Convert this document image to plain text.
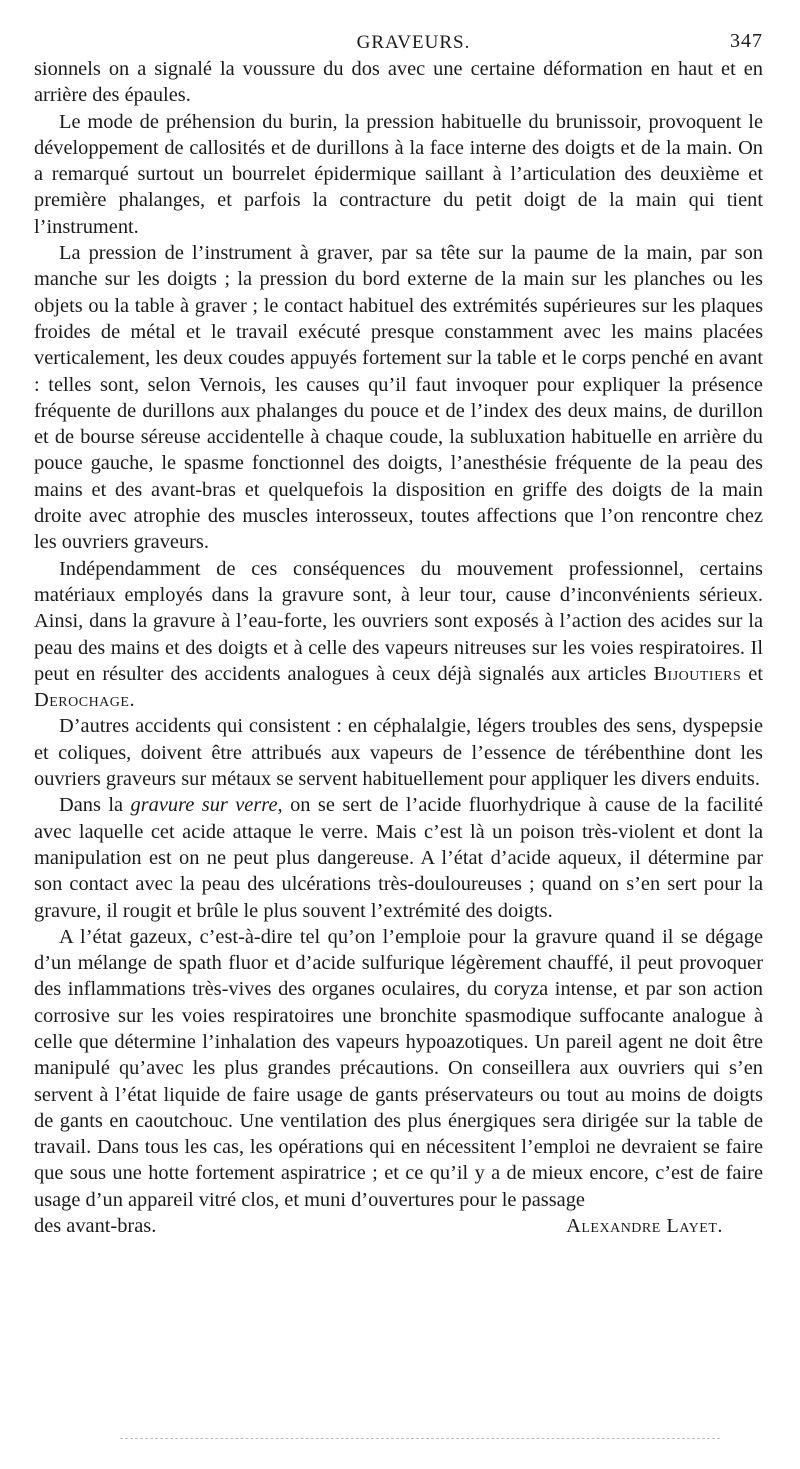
GRAVEURS.	347

sionnels on a signalé la voussure du dos avec une certaine déformation en haut et en arrière des épaules.

Le mode de préhension du burin, la pression habituelle du brunissoir, provoquent le développement de callosités et de durillons à la face interne des doigts et de la main. On a remarqué surtout un bourrelet épidermique saillant à l’articulation des deuxième et première phalanges, et parfois la contracture du petit doigt de la main qui tient l’instrument.

La pression de l’instrument à graver, par sa tête sur la paume de la main, par son manche sur les doigts ; la pression du bord externe de la main sur les planches ou les objets ou la table à graver ; le contact habituel des extrémités supérieures sur les plaques froides de métal et le travail exécuté presque constamment avec les mains placées verticalement, les deux coudes appuyés fortement sur la table et le corps penché en avant : telles sont, selon Vernois, les causes qu’il faut invoquer pour expliquer la présence fréquente de durillons aux phalanges du pouce et de l’index des deux mains, de durillon et de bourse séreuse accidentelle à chaque coude, la subluxation habituelle en arrière du pouce gauche, le spasme fonctionnel des doigts, l’anesthésie fréquente de la peau des mains et des avant-bras et quelquefois la disposition en griffe des doigts de la main droite avec atrophie des muscles interosseux, toutes affections que l’on rencontre chez les ouvriers graveurs.

Indépendamment de ces conséquences du mouvement professionnel, certains matériaux employés dans la gravure sont, à leur tour, cause d’inconvénients sérieux. Ainsi, dans la gravure à l’eau-forte, les ouvriers sont exposés à l’action des acides sur la peau des mains et des doigts et à celle des vapeurs nitreuses sur les voies respiratoires. Il peut en résulter des accidents analogues à ceux déjà signalés aux articles Bijoutiers et Derochage.

D’autres accidents qui consistent : en céphalalgie, légers troubles des sens, dyspepsie et coliques, doivent être attribués aux vapeurs de l’essence de térébenthine dont les ouvriers graveurs sur métaux se servent habituellement pour appliquer les divers enduits.

Dans la gravure sur verre, on se sert de l’acide fluorhydrique à cause de la facilité avec laquelle cet acide attaque le verre. Mais c’est là un poison très-violent et dont la manipulation est on ne peut plus dangereuse. A l’état d’acide aqueux, il détermine par son contact avec la peau des ulcérations très-douloureuses ; quand on s’en sert pour la gravure, il rougit et brûle le plus souvent l’extrémité des doigts.

A l’état gazeux, c’est-à-dire tel qu’on l’emploie pour la gravure quand il se dégage d’un mélange de spath fluor et d’acide sulfurique légèrement chauffé, il peut provoquer des inflammations très-vives des organes oculaires, du coryza intense, et par son action corrosive sur les voies respiratoires une bronchite spasmodique suffocante analogue à celle que détermine l’inhalation des vapeurs hypoazotiques. Un pareil agent ne doit être manipulé qu’avec les plus grandes précautions. On conseillera aux ouvriers qui s’en servent à l’état liquide de faire usage de gants préservateurs ou tout au moins de doigts de gants en caoutchouc. Une ventilation des plus énergiques sera dirigée sur la table de travail. Dans tous les cas, les opérations qui en nécessitent l’emploi ne devraient se faire que sous une hotte fortement aspiratrice ; et ce qu’il y a de mieux encore, c’est de faire usage d’un appareil vitré clos, et muni d’ouvertures pour le passage

des avant-bras.	Alexandre Layet.
